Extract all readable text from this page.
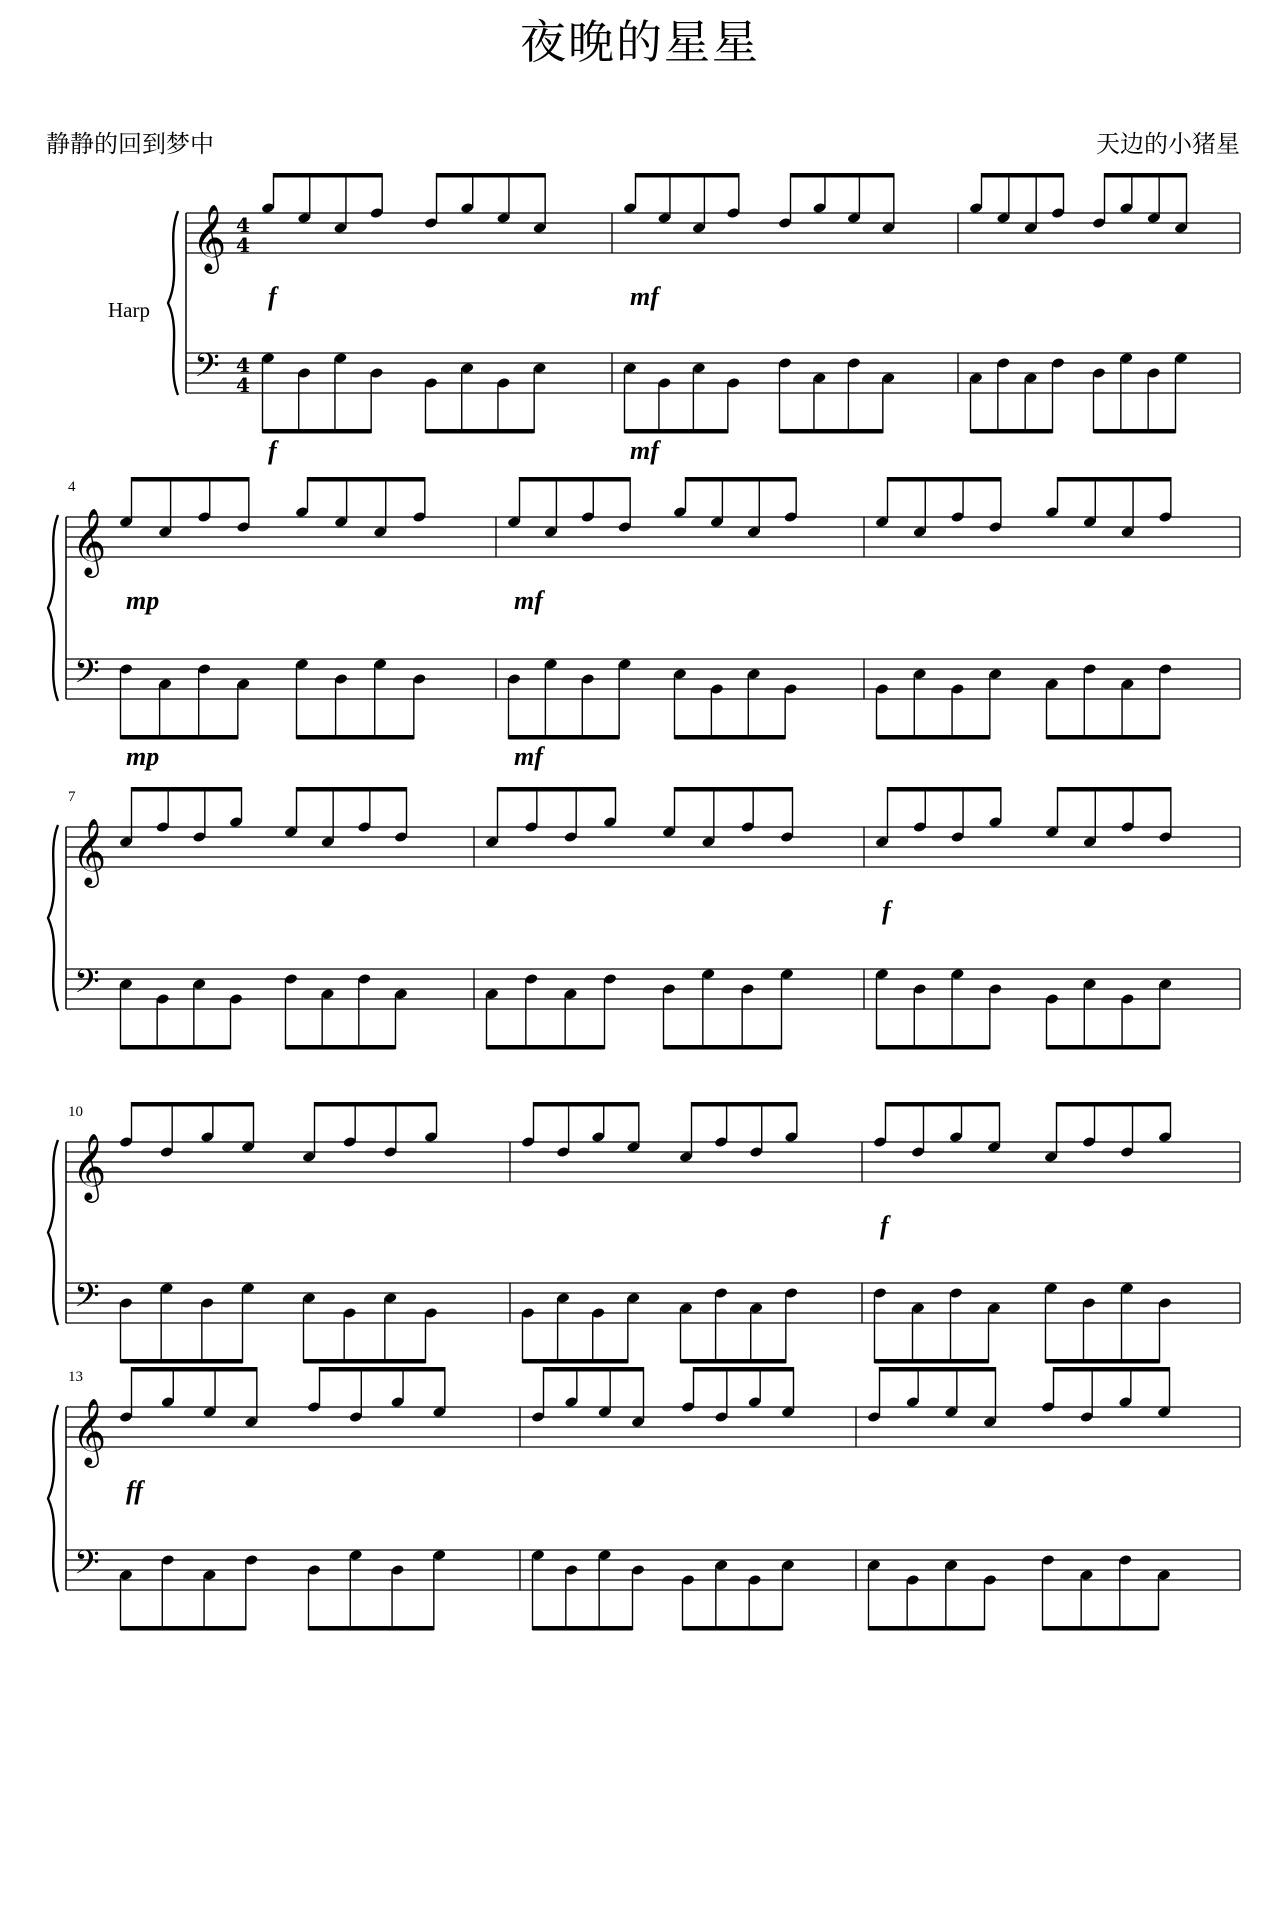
夜晚的星星
静静的回到梦中	天边的小猪星
Harp
𝄞
𝄢
4
4
4
4
f	mf
f	mf
𝄞
𝄢
4
mp	mf
mp	mf
𝄞
𝄢
7
f
𝄞
𝄢
10
f
𝄞
𝄢
13
ff
